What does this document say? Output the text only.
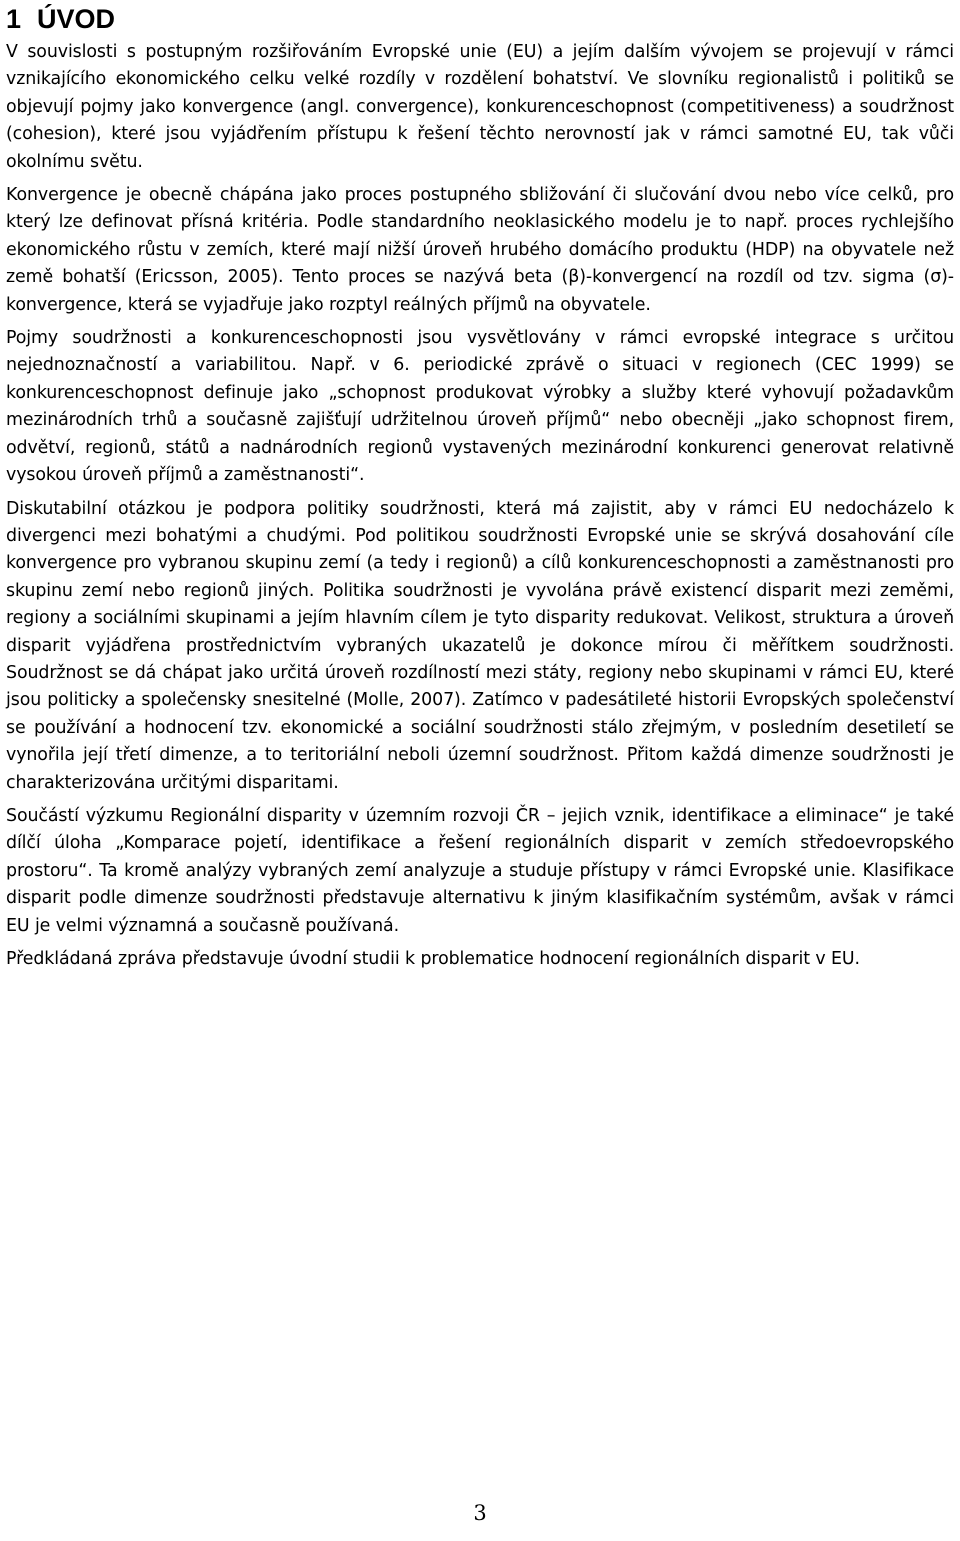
1 ÚVOD

V souvislosti s postupným rozšiřováním Evropské unie (EU) a jejím dalším vývojem se projevují v rámci vznikajícího ekonomického celku velké rozdíly v rozdělení bohatství. Ve slovníku regionalistů i politiků se objevují pojmy jako konvergence (angl. convergence), konkurenceschopnost (competitiveness) a soudržnost (cohesion), které jsou vyjádřením přístupu k řešení těchto nerovností jak v rámci samotné EU, tak vůči okolnímu světu.

Konvergence je obecně chápána jako proces postupného sbližování či slučování dvou nebo více celků, pro který lze definovat přísná kritéria. Podle standardního neoklasického modelu je to např. proces rychlejšího ekonomického růstu v zemích, které mají nižší úroveň hrubého domácího produktu (HDP) na obyvatele než země bohatší (Ericsson, 2005). Tento proces se nazývá beta (β)-konvergencí na rozdíl od tzv. sigma (σ)-konvergence, která se vyjadřuje jako rozptyl reálných příjmů na obyvatele.

Pojmy soudržnosti a konkurenceschopnosti jsou vysvětlovány v rámci evropské integrace s určitou nejednoznačností a variabilitou. Např. v 6. periodické zprávě o situaci v regionech (CEC 1999) se konkurenceschopnost definuje jako „schopnost produkovat výrobky a služby které vyhovují požadavkům mezinárodních trhů a současně zajišťují udržitelnou úroveň příjmů“ nebo obecněji „jako schopnost firem, odvětví, regionů, států a nadnárodních regionů vystavených mezinárodní konkurenci generovat relativně vysokou úroveň příjmů a zaměstnanosti“.

Diskutabilní otázkou je podpora politiky soudržnosti, která má zajistit, aby v rámci EU nedocházelo k divergenci mezi bohatými a chudými. Pod politikou soudržnosti Evropské unie se skrývá dosahování cíle konvergence pro vybranou skupinu zemí (a tedy i regionů) a cílů konkurenceschopnosti a zaměstnanosti pro skupinu zemí nebo regionů jiných. Politika soudržnosti je vyvolána právě existencí disparit mezi zeměmi, regiony a sociálními skupinami a jejím hlavním cílem je tyto disparity redukovat. Velikost, struktura a úroveň disparit vyjádřena prostřednictvím vybraných ukazatelů je dokonce mírou či měřítkem soudržnosti. Soudržnost se dá chápat jako určitá úroveň rozdílností mezi státy, regiony nebo skupinami v rámci EU, které jsou politicky a společensky snesitelné (Molle, 2007). Zatímco v padesátileté historii Evropských společenství se používání a hodnocení tzv. ekonomické a sociální soudržnosti stálo zřejmým, v posledním desetiletí se vynořila její třetí dimenze, a to teritoriální neboli územní soudržnost. Přitom každá dimenze soudržnosti je charakterizována určitými disparitami.

Součástí výzkumu Regionální disparity v územním rozvoji ČR – jejich vznik, identifikace a eliminace“ je také dílčí úloha „Komparace pojetí, identifikace a řešení regionálních disparit v zemích středoevropského prostoru“. Ta kromě analýzy vybraných zemí analyzuje a studuje přístupy v rámci Evropské unie. Klasifikace disparit podle dimenze soudržnosti představuje alternativu k jiným klasifikačním systémům, avšak v rámci EU je velmi významná a současně používaná.

Předkládaná zpráva představuje úvodní studii k problematice hodnocení regionálních disparit v EU.

3
